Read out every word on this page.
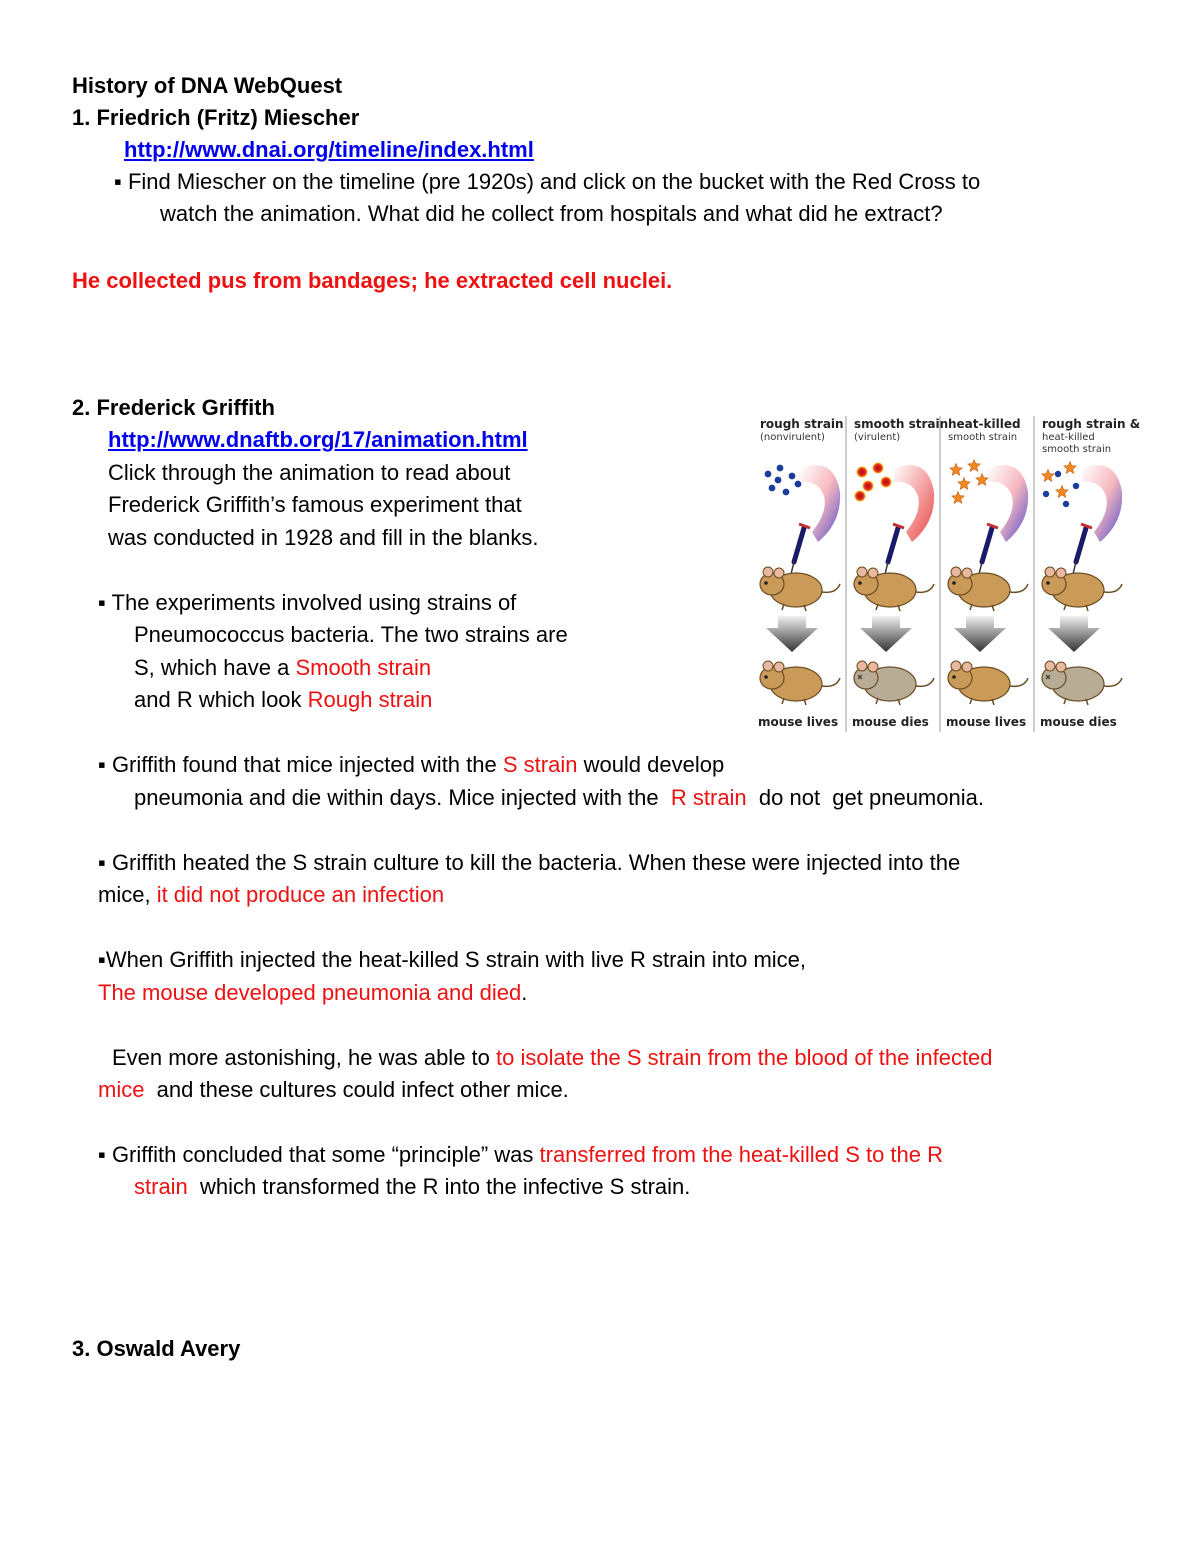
History of DNA WebQuest
1. Friedrich (Fritz) Miescher
http://www.dnai.org/timeline/index.html
▪ Find Miescher on the timeline (pre 1920s) and click on the bucket with the Red Cross to
watch the animation. What did he collect from hospitals and what did he extract?
He collected pus from bandages; he extracted cell nuclei.
2. Frederick Griffith
http://www.dnaftb.org/17/animation.html
Click through the animation to read about
Frederick Griffith’s famous experiment that
was conducted in 1928 and fill in the blanks.
▪ The experiments involved using strains of
Pneumococcus bacteria. The two strains are
S, which have a Smooth strain
and R which look Rough strain
▪ Griffith found that mice injected with the S strain would develop
pneumonia and die within days. Mice injected with the  R strain  do not  get pneumonia.
▪ Griffith heated the S strain culture to kill the bacteria. When these were injected into the
mice, it did not produce an infection
▪When Griffith injected the heat-killed S strain with live R strain into mice,
The mouse developed pneumonia and died.
Even more astonishing, he was able to to isolate the S strain from the blood of the infected
mice  and these cultures could infect other mice.
▪ Griffith concluded that some “principle” was transferred from the heat-killed S to the R
strain  which transformed the R into the infective S strain.
3. Oswald Avery
rough strain
(nonvirulent)
mouse lives
smooth strain
(virulent)
mouse dies
heat-killed
smooth strain
mouse lives
rough strain &
heat-killed
smooth strain
mouse dies
